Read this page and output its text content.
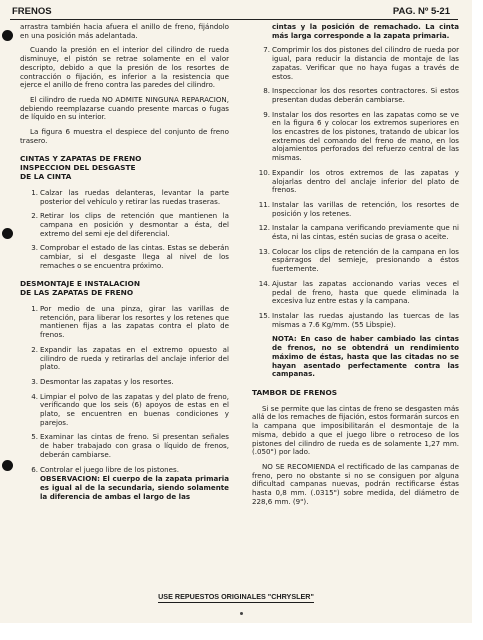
FRENOS	PAG. Nº 5-21

arrastra también hacia afuera el anillo de freno, fijándolo en una posición más adelantada.

Cuando la presión en el interior del cilindro de rueda disminuye, el pistón se retrae solamente en el valor descripto, debido a que la presión de los resortes de contracción o fijación, es inferior a la resistencia que ejerce el anillo de freno contra las paredes del cilindro.

El cilindro de rueda NO ADMITE NINGUNA REPARACION, debiendo reemplazarse cuando presente marcas o fugas de líquido en su interior.

La figura 6 muestra el despiece del conjunto de freno trasero.

CINTAS Y ZAPATAS DE FRENO
INSPECCION DEL DESGASTE
DE LA CINTA
1. Calzar las ruedas delanteras, levantar la parte posterior del vehículo y retirar las ruedas traseras.
2. Retirar los clips de retención que mantienen la campana en posición y desmontar a ésta, del extremo del semi eje del diferencial.
3. Comprobar el estado de las cintas. Estas se deberán cambiar, si el desgaste llega al nivel de los remaches o se encuentra próximo.
DESMONTAJE E INSTALACION
DE LAS ZAPATAS DE FRENO
1. Por medio de una pinza, girar las varillas de retención, para liberar los resortes y los retenes que mantienen fijas a las zapatas contra el plato de frenos.
2. Expandir las zapatas en el extremo opuesto al cilindro de rueda y retirarlas del anclaje inferior del plato.
3. Desmontar las zapatas y los resortes.
4. Limpiar el polvo de las zapatas y del plato de freno, verificando que los seis (6) apoyos de estas en el plato, se encuentren en buenas condiciones y parejos.
5. Examinar las cintas de freno. Si presentan señales de haber trabajado con grasa o líquido de frenos, deberán cambiarse.
6. Controlar el juego libre de los pistones.

OBSERVACION: El cuerpo de la zapata primaria es igual al de la secundaria, siendo solamente la diferencia de ambas el largo de las

cintas y la posición de remachado. La cinta más larga corresponde a la zapata primaria.

7. Comprimir los dos pistones del cilindro de rueda por igual, para reducir la distancia de montaje de las zapatas. Verificar que no haya fugas a través de estos.
8. Inspeccionar los dos resortes contractores. Si estos presentan dudas deberán cambiarse.
9. Instalar los dos resortes en las zapatas como se ve en la figura 6 y colocar los extremos superiores en los encastres de los pistones, tratando de ubicar los extremos del comando del freno de mano, en los alojamientos perforados del refuerzo central de las mismas.
10. Expandir los otros extremos de las zapatas y alojarlas dentro del anclaje inferior del plato de frenos.
11. Instalar las varillas de retención, los resortes de posición y los retenes.
12. Instalar la campana verificando previamente que ni ésta, ni las cintas, estén sucias de grasa o aceite.
13. Colocar los clips de retención de la campana en los espárragos del semieje, presionando a éstos fuertemente.
14. Ajustar las zapatas accionando varias veces el pedal de freno, hasta que quede eliminada la excesiva luz entre estas y la campana.
15. Instalar las ruedas ajustando las tuercas de las mismas a 7.6 Kg/mm. (55 Libspie).

NOTA: En caso de haber cambiado las cintas de frenos, no se obtendrá un rendimiento máximo de éstas, hasta que las citadas no se hayan asentado perfectamente contra las campanas.

TAMBOR DE FRENOS

Si se permite que las cintas de freno se desgasten más allá de los remaches de fijación, estos formarán surcos en la campana que imposibilitarán el desmontaje de la misma, debido a que el juego libre o retroceso de los pistones del cilindro de rueda es de solamente 1,27 mm. (.050") por lado.

NO SE RECOMIENDA el rectificado de las campanas de freno, pero no obstante si no se consiguen por alguna dificultad campanas nuevas, podrán rectificarse éstas hasta 0,8 mm. (.0315") sobre medida, del diámetro de 228,6 mm. (9").

USE REPUESTOS ORIGINALES "CHRYSLER"
